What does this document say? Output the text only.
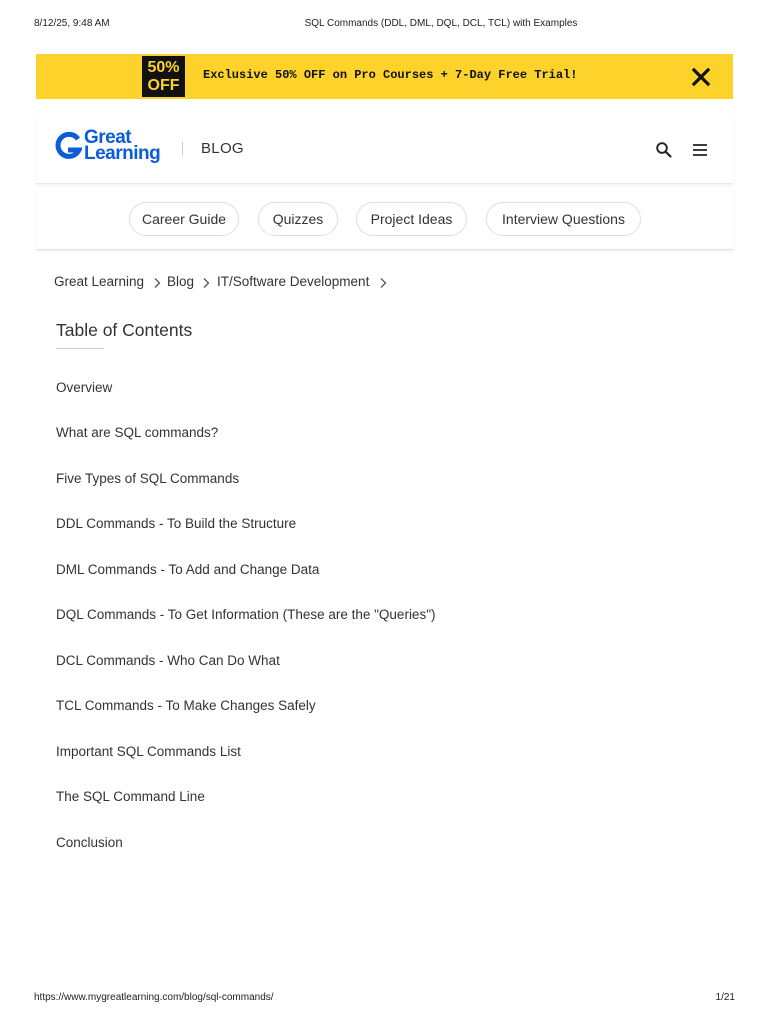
8/12/25, 9:48 AM	SQL Commands (DDL, DML, DQL, DCL, TCL) with Examples
50%
OFF
Exclusive 50% OFF on Pro Courses + 7-Day Free Trial!
Great
Learning	BLOG
Career Guide	Quizzes	Project Ideas	Interview Questions
Great Learning Blog IT/Software Development
Table of Contents
Overview
What are SQL commands?
Five Types of SQL Commands
DDL Commands - To Build the Structure
DML Commands - To Add and Change Data
DQL Commands - To Get Information (These are the "Queries")
DCL Commands - Who Can Do What
TCL Commands - To Make Changes Safely
Important SQL Commands List
The SQL Command Line
Conclusion
https://www.mygreatlearning.com/blog/sql-commands/	1/21
